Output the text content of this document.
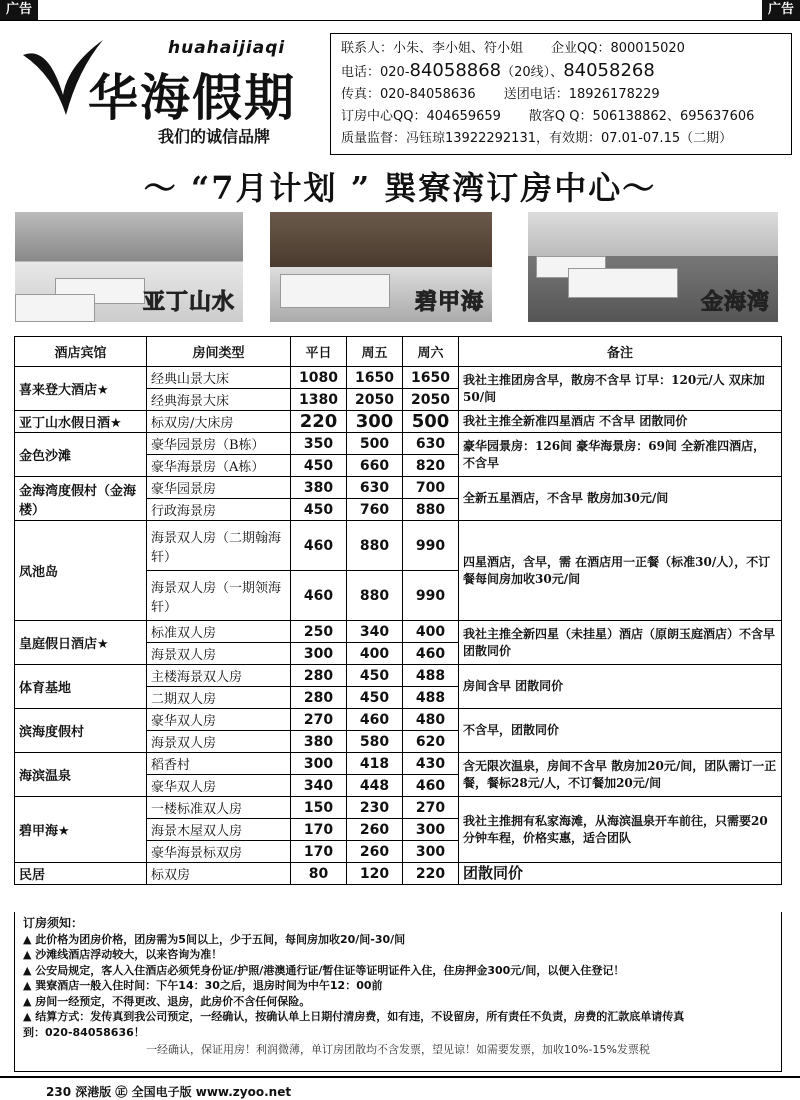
广告	广告
huahaijiaqi
华海假期
我们的诚信品牌
联系人：小朱、李小姐、符小姐 企业QQ：800015020
电话：020-84058868（20线）、84058268
传真：020-84058636 送团电话：18926178229
订房中心QQ：404659659 散客Q Q：506138862、695637606
质量监督：冯钰琼13922292131，有效期：07.01-07.15（二期）
～ “7月计划 ” 巽寮湾订房中心～
亚丁山水	碧甲海	金海湾
酒店宾馆	房间类型	平日	周五	周六	备注
喜来登大酒店★	经典山景大床	1080	1650	1650	我社主推团房含早，散房不含早 订早：120元/人 双床加50/间
	经典海景大床	1380	2050	2050	
亚丁山水假日酒★	标双房/大床房	220	300	500	我社主推全新准四星酒店 不含早 团散同价
金色沙滩	豪华园景房（B栋）	350	500	630	豪华园景房：126间 豪华海景房：69间 全新准四酒店，不含早
	豪华海景房（A栋）	450	660	820	
金海湾度假村（金海楼）	豪华园景房	380	630	700	全新五星酒店，不含早 散房加30元/间
	行政海景房	450	760	880	
凤池岛	海景双人房（二期翰海轩）	460	880	990	四星酒店，含早，需 在酒店用一正餐（标准30/人），不订餐每间房加收30元/间
	海景双人房（一期领海轩）	460	880	990	
皇庭假日酒店★	标准双人房	250	340	400	我社主推全新四星（未挂星）酒店（原朗玉庭酒店）不含早 团散同价
	海景双人房	300	400	460	
体育基地	主楼海景双人房	280	450	488	房间含早 团散同价
	二期双人房	280	450	488	
滨海度假村	豪华双人房	270	460	480	不含早，团散同价
	海景双人房	380	580	620	
海滨温泉	稻香村	300	418	430	含无限次温泉，房间不含早 散房加20元/间，团队需订一正餐，餐标28元/人，不订餐加20元/间
	豪华双人房	340	448	460	
碧甲海★	一楼标准双人房	150	230	270	我社主推拥有私家海滩，从海滨温泉开车前往，只需要20分钟车程，价格实惠，适合团队
	海景木屋双人房	170	260	300	
	豪华海景标双房	170	260	300	
民居	标双房	80	120	220	团散同价
订房须知：
▲ 此价格为团房价格，团房需为5间以上，少于五间，每间房加收20/间-30/间
▲ 沙滩线酒店浮动较大，以来咨询为准！
▲ 公安局规定，客人入住酒店必须凭身份证/护照/港澳通行证/暂住证等证明证件入住，住房押金300元/间，以便入住登记！
▲ 巽寮酒店一般入住时间：下午14：30之后，退房时间为中午12：00前
▲ 房间一经预定，不得更改、退房，此房价不含任何保险。
▲ 结算方式：发传真到我公司预定，一经确认，按确认单上日期付清房费，如有违，不设留房，所有责任不负责，房费的汇款底单请传真
到：020-84058636！
一经确认，保证用房！利润微薄，单订房团散均不含发票，望见谅！如需要发票，加收10%-15%发票税
230 深港版 ㊣ 全国电子版 www.zyoo.net
